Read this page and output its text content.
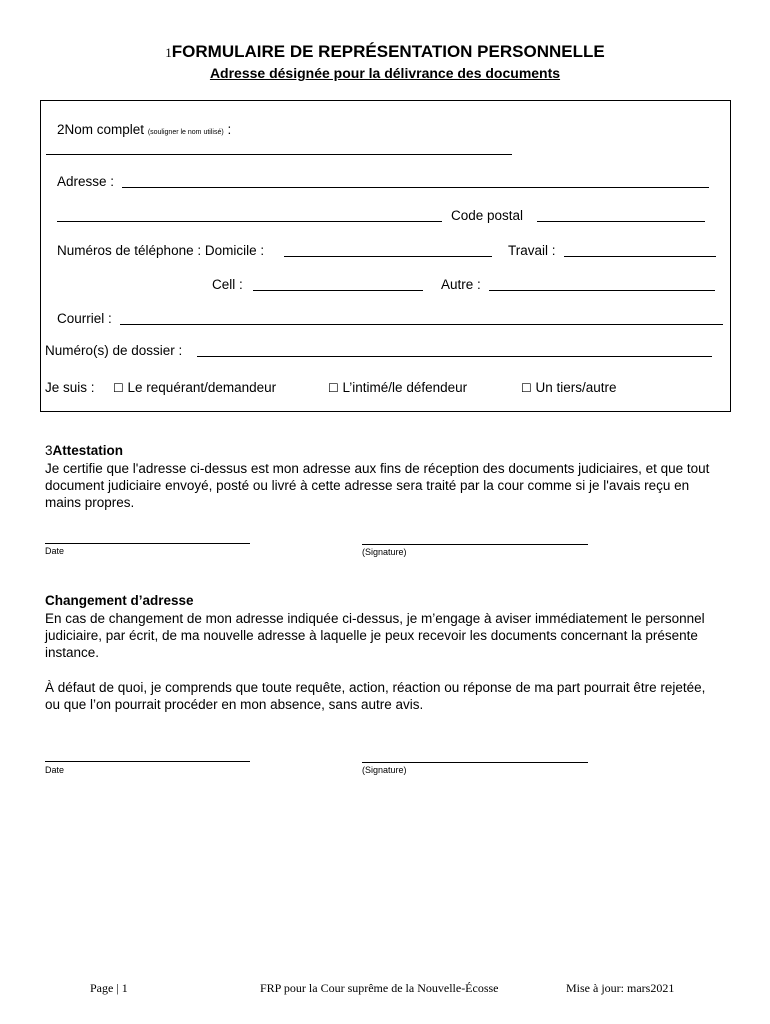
1FORMULAIRE DE REPRÉSENTATION PERSONNELLE
Adresse désignée pour la délivrance des documents
2Nom complet (souligner le nom utilisé) :
Adresse :
Code postal
Numéros de téléphone : Domicile :	Travail :
Cell :	Autre :
Courriel :
Numéro(s) de dossier :
Je suis : ☐ Le requérant/demandeur	☐ L’intimé/le défendeur	☐ Un tiers/autre
3Attestation
Je certifie que l'adresse ci-dessus est mon adresse aux fins de réception des documents judiciaires, et que tout document judiciaire envoyé, posté ou livré à cette adresse sera traité par la cour comme si je l'avais reçu en mains propres.
Date	(Signature)
Changement d’adresse
En cas de changement de mon adresse indiquée ci-dessus, je m’engage à aviser immédiatement le personnel judiciaire, par écrit, de ma nouvelle adresse à laquelle je peux recevoir les documents concernant la présente instance.
À défaut de quoi, je comprends que toute requête, action, réaction ou réponse de ma part pourrait être rejetée, ou que l’on pourrait procéder en mon absence, sans autre avis.
Date	(Signature)
Page | 1	FRP pour la Cour suprême de la Nouvelle-Écosse	Mise à jour: mars2021
